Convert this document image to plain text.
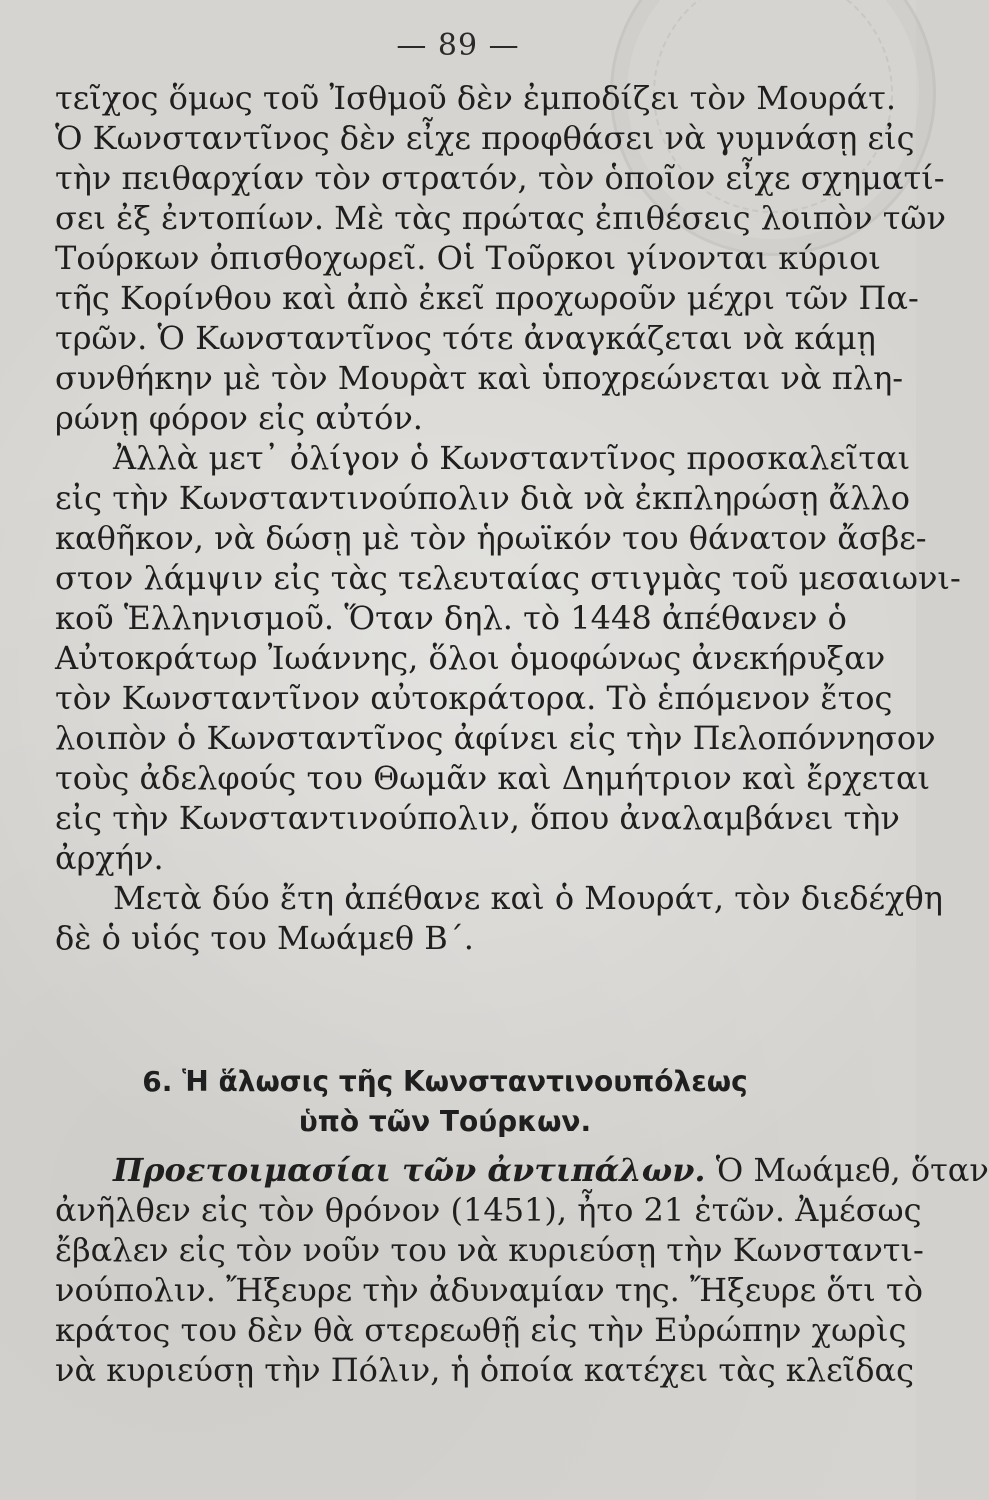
— 89 —
τεῖχος ὅμως τοῦ Ἰσθμοῦ δὲν ἐμποδίζει τὸν Μουράτ.
Ὁ Κωνσταντῖνος δὲν εἶχε προφθάσει νὰ γυμνάσῃ εἰς
τὴν πειθαρχίαν τὸν στρατόν, τὸν ὁποῖον εἶχε σχηματί-
σει ἐξ ἐντοπίων. Μὲ τὰς πρώτας ἐπιθέσεις λοιπὸν τῶν
Τούρκων ὀπισθοχωρεῖ. Οἱ Τοῦρκοι γίνονται κύριοι
τῆς Κορίνθου καὶ ἀπὸ ἐκεῖ προχωροῦν μέχρι τῶν Πα-
τρῶν. Ὁ Κωνσταντῖνος τότε ἀναγκάζεται νὰ κάμῃ
συνθήκην μὲ τὸν Μουρὰτ καὶ ὑποχρεώνεται νὰ πλη-
ρώνῃ φόρον εἰς αὐτόν.
Ἀλλὰ μετ᾿ ὀλίγον ὁ Κωνσταντῖνος προσκαλεῖται
εἰς τὴν Κωνσταντινούπολιν διὰ νὰ ἐκπληρώσῃ ἄλλο
καθῆκον, νὰ δώσῃ μὲ τὸν ἡρωϊκόν του θάνατον ἄσβε-
στον λάμψιν εἰς τὰς τελευταίας στιγμὰς τοῦ μεσαιωνι-
κοῦ Ἑλληνισμοῦ. Ὅταν δηλ. τὸ 1448 ἀπέθανεν ὁ
Αὐτοκράτωρ Ἰωάννης, ὅλοι ὁμοφώνως ἀνεκήρυξαν
τὸν Κωνσταντῖνον αὐτοκράτορα. Τὸ ἑπόμενον ἔτος
λοιπὸν ὁ Κωνσταντῖνος ἀφίνει εἰς τὴν Πελοπόννησον
τοὺς ἀδελφούς του Θωμᾶν καὶ Δημήτριον καὶ ἔρχεται
εἰς τὴν Κωνσταντινούπολιν, ὅπου ἀναλαμβάνει τὴν
ἀρχήν.
Μετὰ δύο ἔτη ἀπέθανε καὶ ὁ Μουράτ, τὸν διεδέχθη
δὲ ὁ υἱός του Μωάμεθ Β΄.
6. Ἡ ἅλωσις τῆς Κωνσταντινουπόλεως
ὑπὸ τῶν Τούρκων.
Προετοιμασίαι τῶν ἀντιπάλων. Ὁ Μωάμεθ, ὅταν
ἀνῆλθεν εἰς τὸν θρόνον (1451), ἦτο 21 ἐτῶν. Ἀμέσως
ἔβαλεν εἰς τὸν νοῦν του νὰ κυριεύσῃ τὴν Κωνσταντι-
νούπολιν. Ἤξευρε τὴν ἀδυναμίαν της. Ἤξευρε ὅτι τὸ
κράτος του δὲν θὰ στερεωθῇ εἰς τὴν Εὐρώπην χωρὶς
νὰ κυριεύσῃ τὴν Πόλιν, ἡ ὁποία κατέχει τὰς κλεῖδας
